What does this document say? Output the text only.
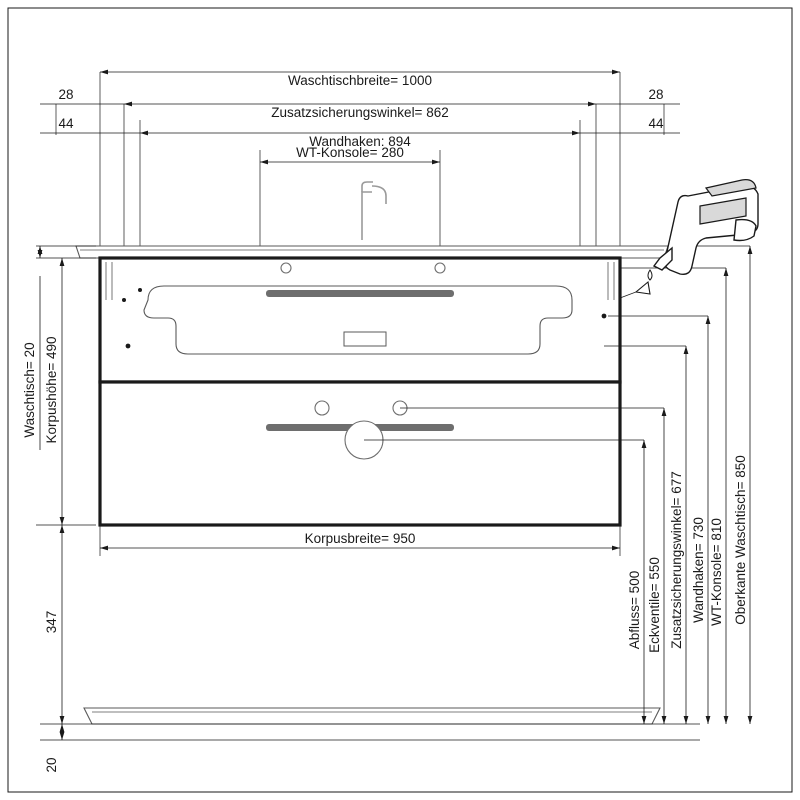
Waschtischbreite= 1000
Zusatzsicherungswinkel= 862
28	28
Wandhaken: 894
44	44
WT-Konsole= 280
Waschtisch= 20 Korpushöhe= 490
347
20
Korpusbreite= 950
Abfluss= 500 Eckventile= 550 Zusatzsicherungswinkel= 677 Wandhaken= 730 WT-Konsole= 810 Oberkante Waschtisch= 850
